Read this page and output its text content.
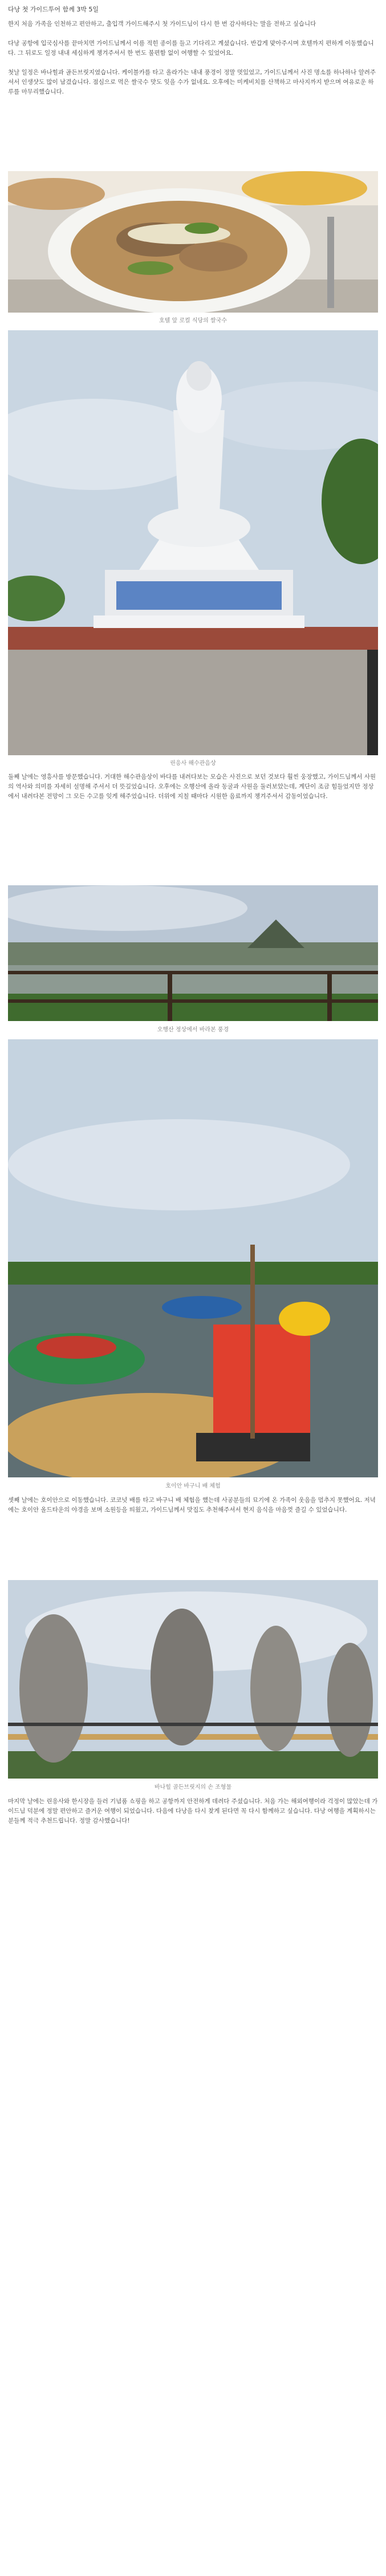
다낭 첫 가이드투어 함께 3박 5일

한지 처음 가족을 인천하고 편안하고, 출입객 가이드해주시 첫 가이드님이 다시 한 번 감사하다는 말을 전하고 싶습니다

다낭 공항에 입국심사를 끝마치면 가이드님께서 이름 적힌 종이를 들고 기다리고 계셨습니다. 반갑게 맞아주시며 호텔까지 편하게 이동했습니다. 그 뒤로도 일정 내내 세심하게 챙겨주셔서 한 번도 불편함 없이 여행할 수 있었어요.

첫날 일정은 바나힐과 골든브릿지였습니다. 케이블카를 타고 올라가는 내내 풍경이 정말 멋있었고, 가이드님께서 사진 명소를 하나하나 알려주셔서 인생샷도 많이 남겼습니다. 점심으로 먹은 쌀국수 맛도 잊을 수가 없네요. 오후에는 미케비치를 산책하고 마사지까지 받으며 여유로운 하루를 마무리했습니다.

호텔 앞 로컬 식당의 쌀국수
린응사 해수관음상

둘째 날에는 영흥사를 방문했습니다. 거대한 해수관음상이 바다를 내려다보는 모습은 사진으로 보던 것보다 훨씬 웅장했고, 가이드님께서 사원의 역사와 의미를 자세히 설명해 주셔서 더 뜻깊었습니다. 오후에는 오행산에 올라 동굴과 사원을 둘러보았는데, 계단이 조금 힘들었지만 정상에서 내려다본 전망이 그 모든 수고를 잊게 해주었습니다. 더위에 지칠 때마다 시원한 음료까지 챙겨주셔서 감동이었습니다.

오행산 정상에서 바라본 풍경
호이안 바구니 배 체험

셋째 날에는 호이안으로 이동했습니다. 코코넛 배를 타고 바구니 배 체험을 했는데 사공분들의 묘기에 온 가족이 웃음을 멈추지 못했어요. 저녁에는 호이안 올드타운의 야경을 보며 소원등을 띄웠고, 가이드님께서 맛집도 추천해주셔서 현지 음식을 마음껏 즐길 수 있었습니다.

바나힐 골든브릿지의 손 조형물

마지막 날에는 린응사와 한시장을 들러 기념품 쇼핑을 하고 공항까지 안전하게 데려다 주셨습니다. 처음 가는 해외여행이라 걱정이 많았는데 가이드님 덕분에 정말 편안하고 즐거운 여행이 되었습니다. 다음에 다낭을 다시 찾게 된다면 꼭 다시 함께하고 싶습니다. 다낭 여행을 계획하시는 분들께 적극 추천드립니다. 정말 감사했습니다!
